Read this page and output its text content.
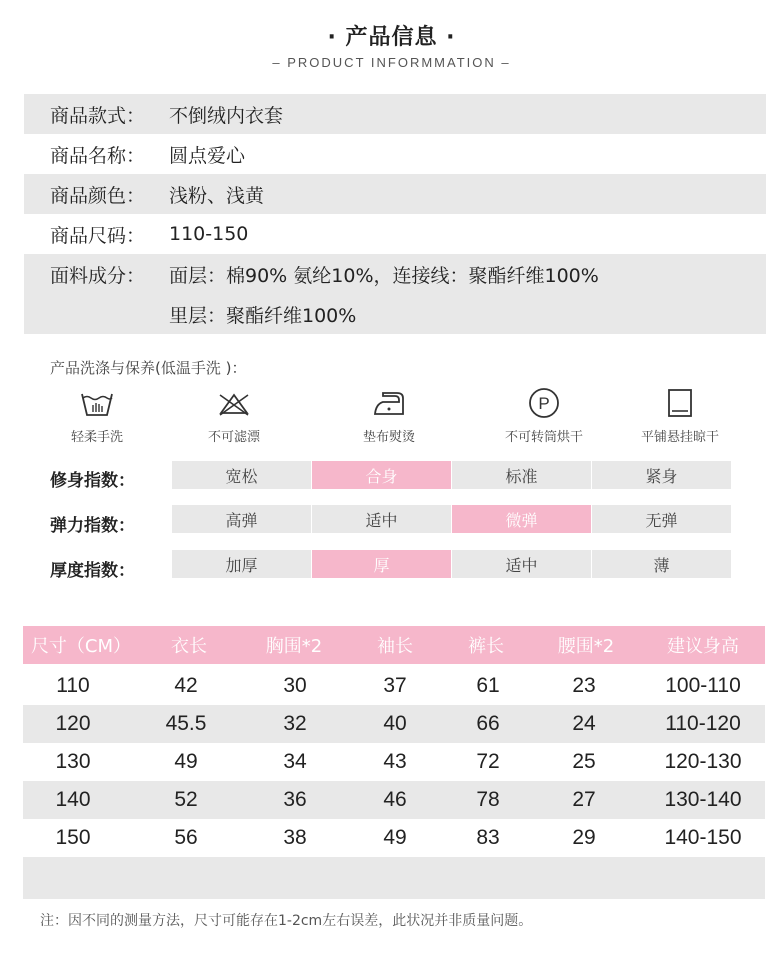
· 产品信息 ·
– PRODUCT INFORMMATION –
商品款式：	不倒绒内衣套
商品名称：	圆点爱心
商品颜色：	浅粉、浅黄
商品尺码：	110-150
面料成分：	面层：棉90% 氨纶10%，连接线：聚酯纤维100%
里层：聚酯纤维100%
产品洗涤与保养(低温手洗 )：
轻柔手洗	不可滤漂	垫布熨烫
P
不可转筒烘干	平铺悬挂晾干
修身指数：	宽松	合身	标准	紧身
弹力指数：	高弹	适中	微弹	无弹
厚度指数：	加厚	厚	适中	薄
尺寸（CM）	衣长	胸围*2	袖长	裤长	腰围*2	建议身高
110	42	30	37	61	23	100-110
120	45.5	32	40	66	24	110-120
130	49	34	43	72	25	120-130
140	52	36	46	78	27	130-140
150	56	38	49	83	29	140-150
注：因不同的测量方法，尺寸可能存在1-2cm左右误差，此状况并非质量问题。
